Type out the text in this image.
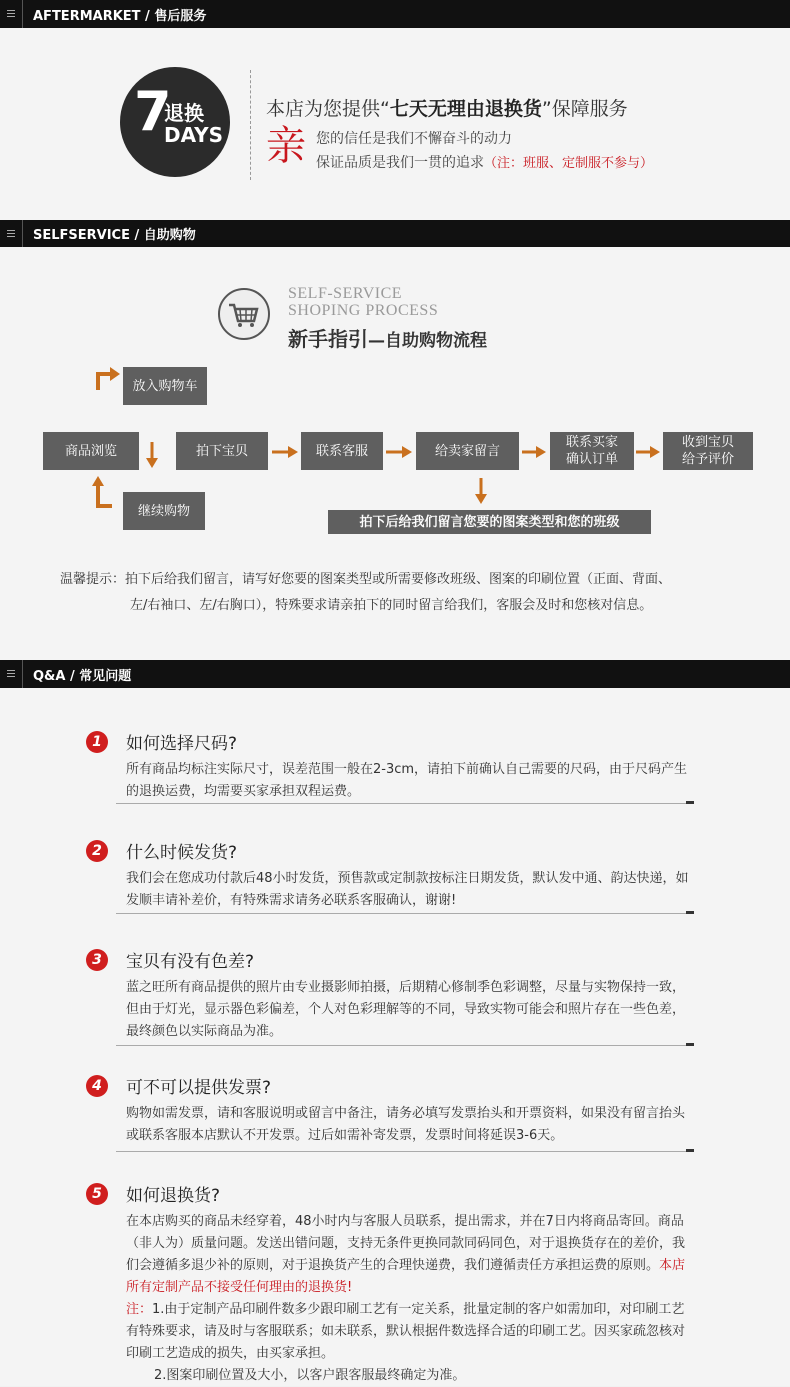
AFTERMARKET / 售后服务
7
退换
DAYS
本店为您提供“七天无理由退换货”保障服务
亲 您的信任是我们不懈奋斗的动力
保证品质是我们一贯的追求（注：班服、定制服不参与）
SELFSERVICE / 自助购物
SELF-SERVICE
SHOPING PROCESS
新手指引—自助购物流程
放入购物车
商品浏览
继续购物
拍下宝贝	联系客服	给卖家留言
联系买家确认订单
收到宝贝给予评价
拍下后给我们留言您要的图案类型和您的班级
温馨提示：拍下后给我们留言，请写好您要的图案类型或所需要修改班级、图案的印刷位置（正面、背面、
左/右袖口、左/右胸口），特殊要求请亲拍下的同时留言给我们，客服会及时和您核对信息。
Q&A / 常见问题
1	如何选择尺码?
所有商品均标注实际尺寸，误差范围一般在2-3cm，请拍下前确认自己需要的尺码，由于尺码产生的退换运费，均需要买家承担双程运费。
2	什么时候发货?
我们会在您成功付款后48小时发货，预售款或定制款按标注日期发货，默认发中通、韵达快递，如发顺丰请补差价，有特殊需求请务必联系客服确认，谢谢!
3	宝贝有没有色差?
蓝之旺所有商品提供的照片由专业摄影师拍摄，后期精心修制季色彩调整，尽量与实物保持一致，但由于灯光，显示器色彩偏差，个人对色彩理解等的不同，导致实物可能会和照片存在一些色差，最终颜色以实际商品为准。
4	可不可以提供发票?
购物如需发票，请和客服说明或留言中备注，请务必填写发票抬头和开票资料，如果没有留言抬头或联系客服本店默认不开发票。过后如需补寄发票，发票时间将延误3-6天。
5	如何退换货?
在本店购买的商品未经穿着，48小时内与客服人员联系，提出需求，并在7日内将商品寄回。商品（非人为）质量问题。发送出错问题，支持无条件更换同款同码同色，对于退换货存在的差价，我们会遵循多退少补的原则，对于退换货产生的合理快递费，我们遵循责任方承担运费的原则。本店所有定制产品不接受任何理由的退换货!
注：1.由于定制产品印刷件数多少跟印刷工艺有一定关系，批量定制的客户如需加印，对印刷工艺有特殊要求，请及时与客服联系；如未联系，默认根据件数选择合适的印刷工艺。因买家疏忽核对印刷工艺造成的损失，由买家承担。
2.图案印刷位置及大小，以客户跟客服最终确定为准。
